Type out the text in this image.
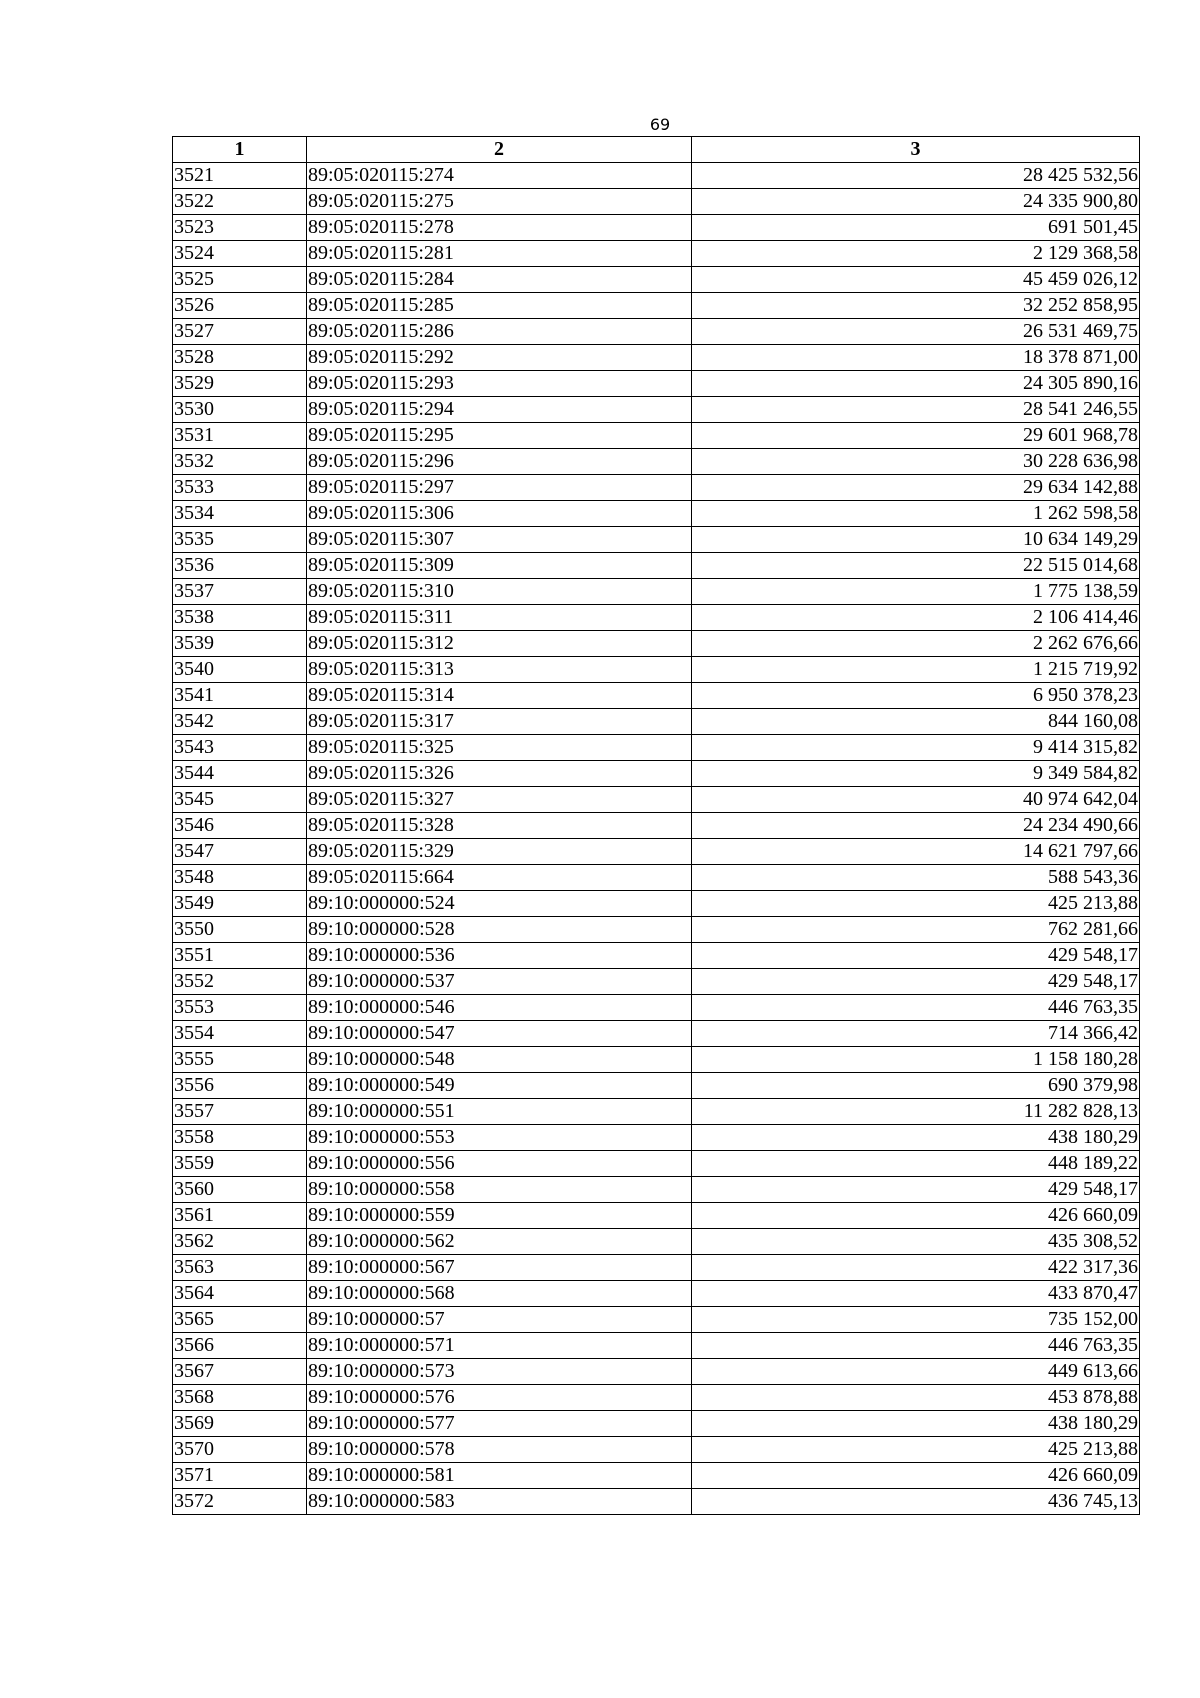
69
1	2	3
3521	89:05:020115:274	28 425 532,56
3522	89:05:020115:275	24 335 900,80
3523	89:05:020115:278	691 501,45
3524	89:05:020115:281	2 129 368,58
3525	89:05:020115:284	45 459 026,12
3526	89:05:020115:285	32 252 858,95
3527	89:05:020115:286	26 531 469,75
3528	89:05:020115:292	18 378 871,00
3529	89:05:020115:293	24 305 890,16
3530	89:05:020115:294	28 541 246,55
3531	89:05:020115:295	29 601 968,78
3532	89:05:020115:296	30 228 636,98
3533	89:05:020115:297	29 634 142,88
3534	89:05:020115:306	1 262 598,58
3535	89:05:020115:307	10 634 149,29
3536	89:05:020115:309	22 515 014,68
3537	89:05:020115:310	1 775 138,59
3538	89:05:020115:311	2 106 414,46
3539	89:05:020115:312	2 262 676,66
3540	89:05:020115:313	1 215 719,92
3541	89:05:020115:314	6 950 378,23
3542	89:05:020115:317	844 160,08
3543	89:05:020115:325	9 414 315,82
3544	89:05:020115:326	9 349 584,82
3545	89:05:020115:327	40 974 642,04
3546	89:05:020115:328	24 234 490,66
3547	89:05:020115:329	14 621 797,66
3548	89:05:020115:664	588 543,36
3549	89:10:000000:524	425 213,88
3550	89:10:000000:528	762 281,66
3551	89:10:000000:536	429 548,17
3552	89:10:000000:537	429 548,17
3553	89:10:000000:546	446 763,35
3554	89:10:000000:547	714 366,42
3555	89:10:000000:548	1 158 180,28
3556	89:10:000000:549	690 379,98
3557	89:10:000000:551	11 282 828,13
3558	89:10:000000:553	438 180,29
3559	89:10:000000:556	448 189,22
3560	89:10:000000:558	429 548,17
3561	89:10:000000:559	426 660,09
3562	89:10:000000:562	435 308,52
3563	89:10:000000:567	422 317,36
3564	89:10:000000:568	433 870,47
3565	89:10:000000:57	735 152,00
3566	89:10:000000:571	446 763,35
3567	89:10:000000:573	449 613,66
3568	89:10:000000:576	453 878,88
3569	89:10:000000:577	438 180,29
3570	89:10:000000:578	425 213,88
3571	89:10:000000:581	426 660,09
3572	89:10:000000:583	436 745,13
